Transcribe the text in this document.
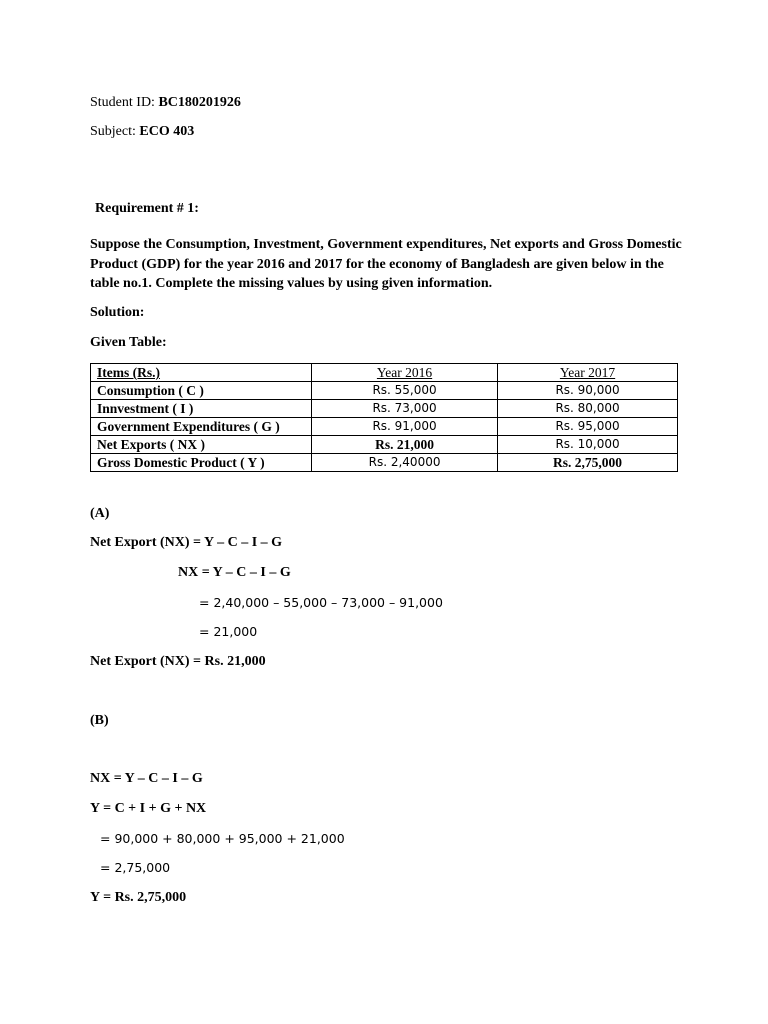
Student ID: BC180201926
Subject: ECO 403
Requirement # 1:
Suppose the Consumption, Investment, Government expenditures, Net exports and Gross Domestic Product (GDP) for the year 2016 and 2017 for the economy of Bangladesh are given below in the table no.1. Complete the missing values by using given information.
Solution:
Given Table:
Items (Rs.)	Year 2016	Year 2017
Consumption ( C )	Rs. 55,000	Rs. 90,000
Innvestment ( I )	Rs. 73,000	Rs. 80,000
Government Expenditures ( G )	Rs. 91,000	Rs. 95,000
Net Exports ( NX )	Rs. 21,000	Rs. 10,000
Gross Domestic Product ( Y )	Rs. 2,40000	Rs. 2,75,000
(A)
Net Export (NX) = Y – C – I – G
NX = Y – C – I – G
= 2,40,000 – 55,000 – 73,000 – 91,000
= 21,000
Net Export (NX) = Rs. 21,000
(B)
NX = Y – C – I – G
Y = C + I + G + NX
= 90,000 + 80,000 + 95,000 + 21,000
= 2,75,000
Y = Rs. 2,75,000
